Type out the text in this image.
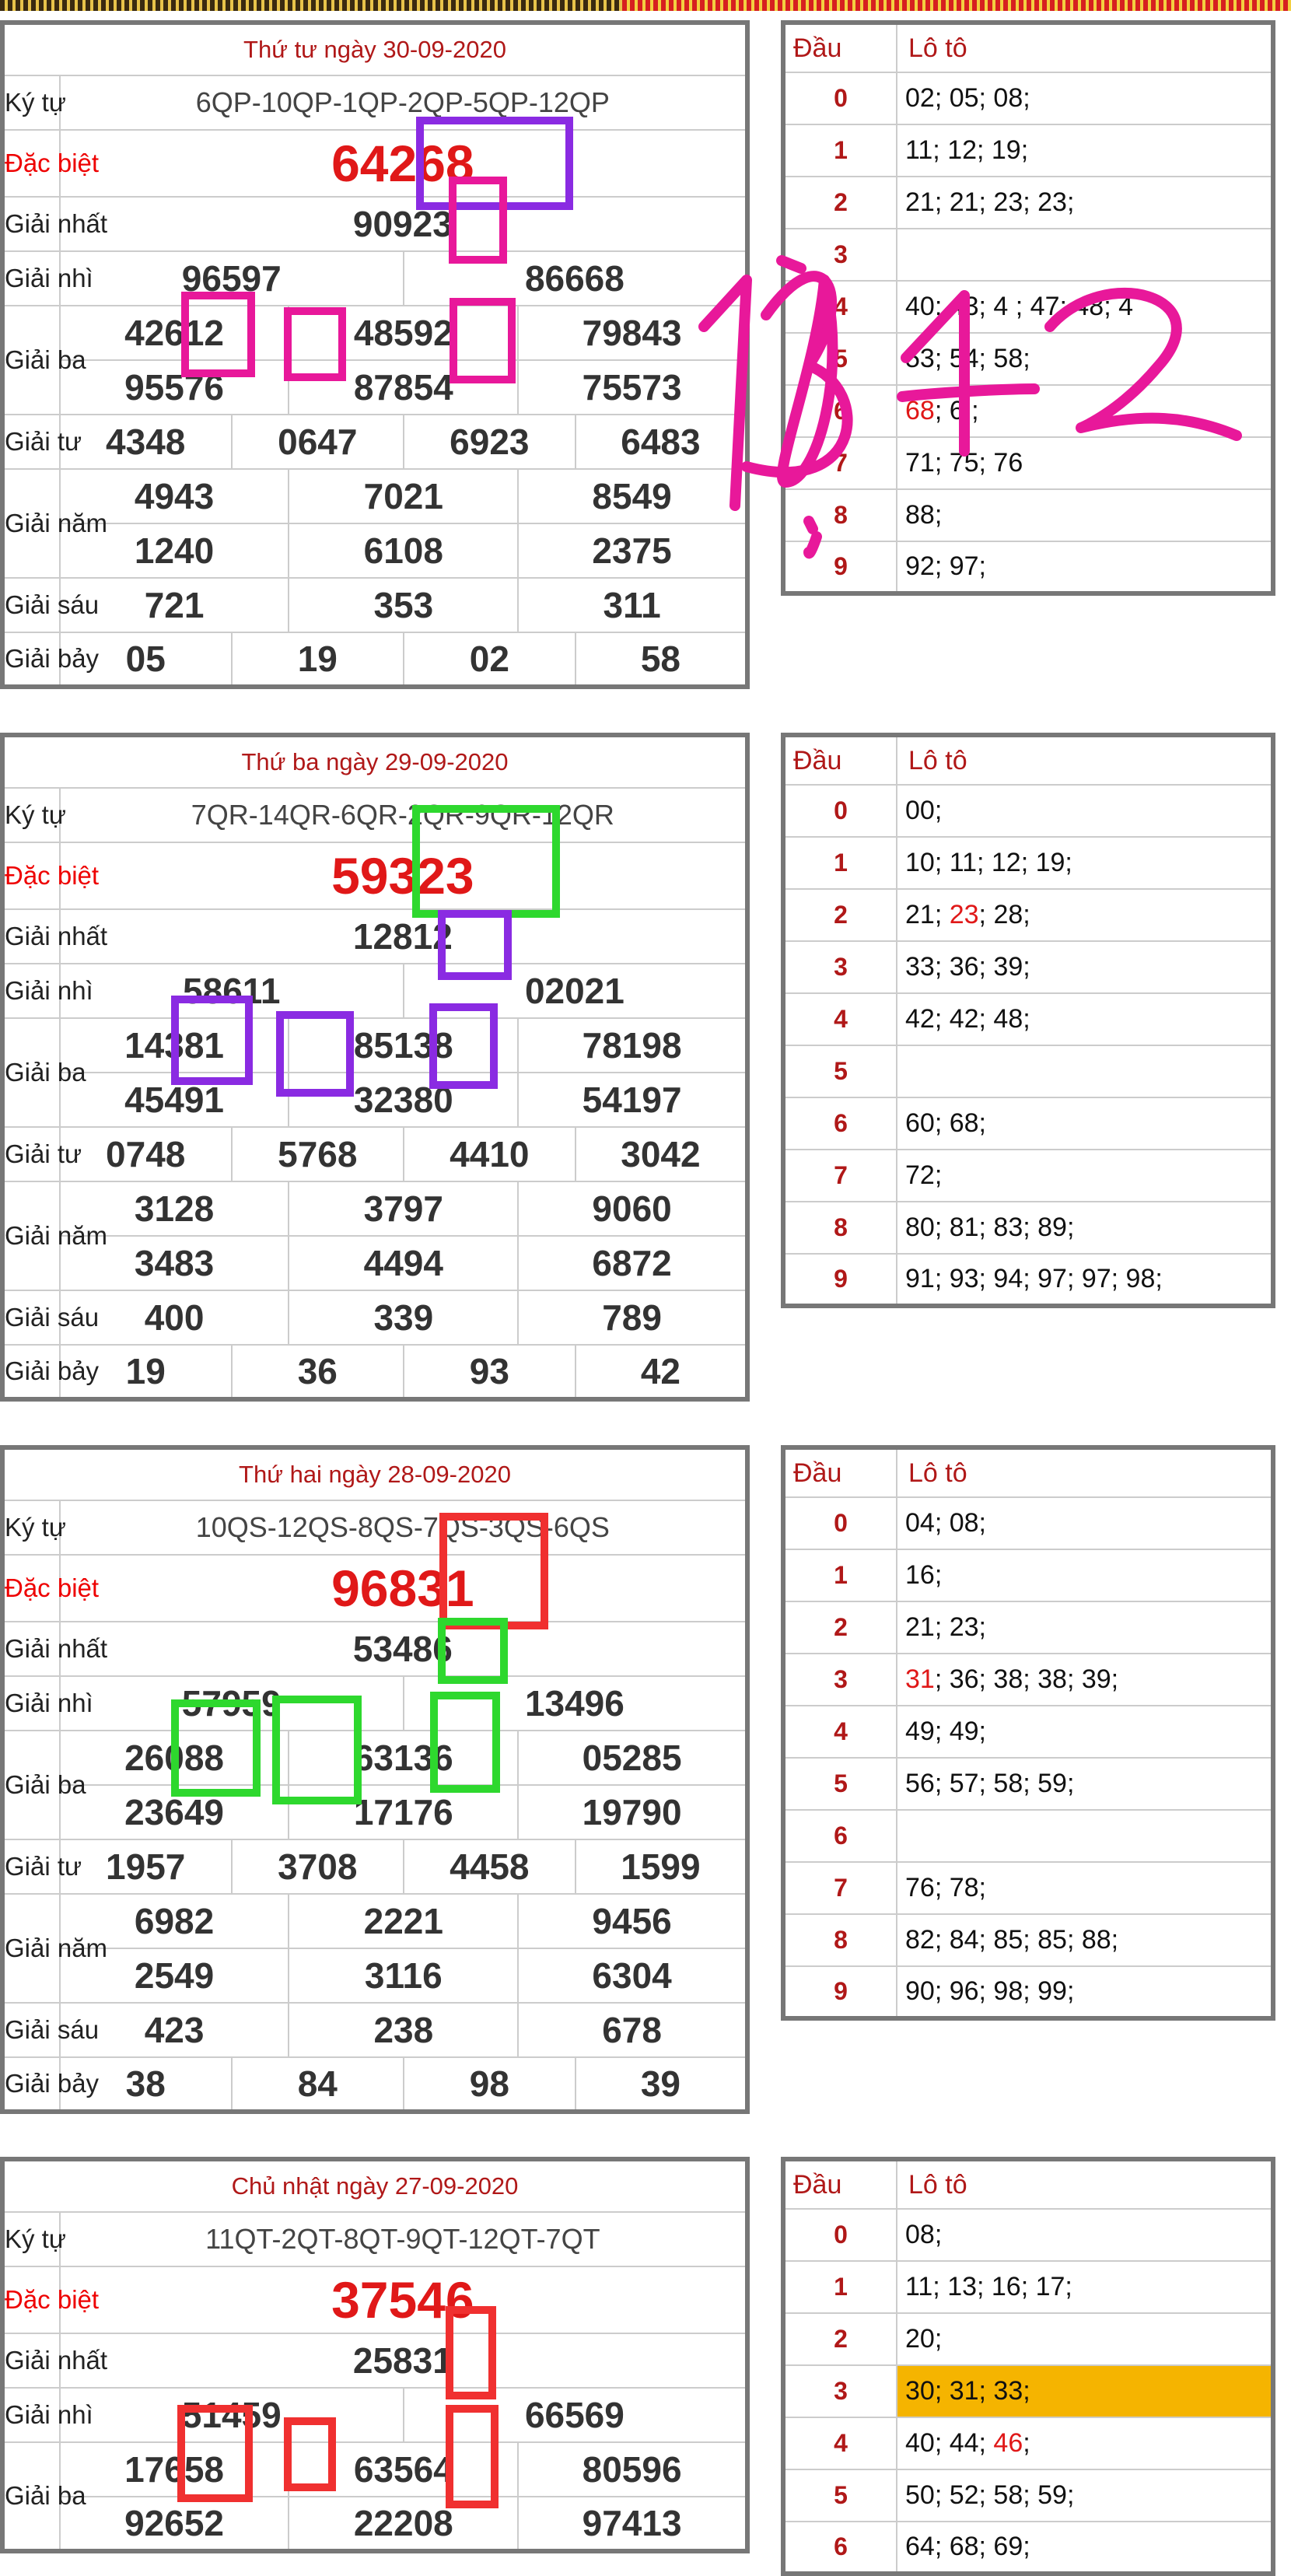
Thứ tư ngày 30-09-2020						
Ký tự	6QP-10QP-1QP-2QP-5QP-12QP					
Đặc biệt	64268					
Giải nhất	90923					
Giải nhì	96597			86668		
Giải ba	42612		48592		79843	
	95576		87854		75573	
Giải tư	4348	0647		6923		6483
Giải năm	4943		7021		8549	
	1240		6108		2375	
Giải sáu	721		353		311	
Giải bảy	05	19		02		58
Đầu	Lô tô
0	02; 05; 08;
1	11; 12; 19;
2	21; 21; 23; 23;
3	
4	40; 43; 4 ; 47; 48; 4
5	53; 54; 58;
6	68; 6 ;
7	71; 75; 76
8	88;
9	92; 97;
Thứ ba ngày 29-09-2020						
Ký tự	7QR-14QR-6QR-2QR-9QR-12QR					
Đặc biệt	59323					
Giải nhất	12812					
Giải nhì	58611			02021		
Giải ba	14381		85138		78198	
	45491		32380		54197	
Giải tư	0748	5768		4410		3042
Giải năm	3128		3797		9060	
	3483		4494		6872	
Giải sáu	400		339		789	
Giải bảy	19	36		93		42
Đầu	Lô tô
0	00;
1	10; 11; 12; 19;
2	21; 23; 28;
3	33; 36; 39;
4	42; 42; 48;
5	
6	60; 68;
7	72;
8	80; 81; 83; 89;
9	91; 93; 94; 97; 97; 98;
Thứ hai ngày 28-09-2020						
Ký tự	10QS-12QS-8QS-7QS-3QS-6QS					
Đặc biệt	96831					
Giải nhất	53486					
Giải nhì	57959			13496		
Giải ba	26088		63136		05285	
	23649		17176		19790	
Giải tư	1957	3708		4458		1599
Giải năm	6982		2221		9456	
	2549		3116		6304	
Giải sáu	423		238		678	
Giải bảy	38	84		98		39
Đầu	Lô tô
0	04; 08;
1	16;
2	21; 23;
3	31; 36; 38; 38; 39;
4	49; 49;
5	56; 57; 58; 59;
6	
7	76; 78;
8	82; 84; 85; 85; 88;
9	90; 96; 98; 99;
Chủ nhật ngày 27-09-2020				
Ký tự	11QT-2QT-8QT-9QT-12QT-7QT			
Đặc biệt	37546			
Giải nhất	25831			
Giải nhì	51459		66569	
Giải ba	17658	63564		80596
	92652	22208		97413
Đầu	Lô tô
0	08;
1	11; 13; 16; 17;
2	20;
3	30; 31; 33;
4	40; 44; 46;
5	50; 52; 58; 59;
6	64; 68; 69;
